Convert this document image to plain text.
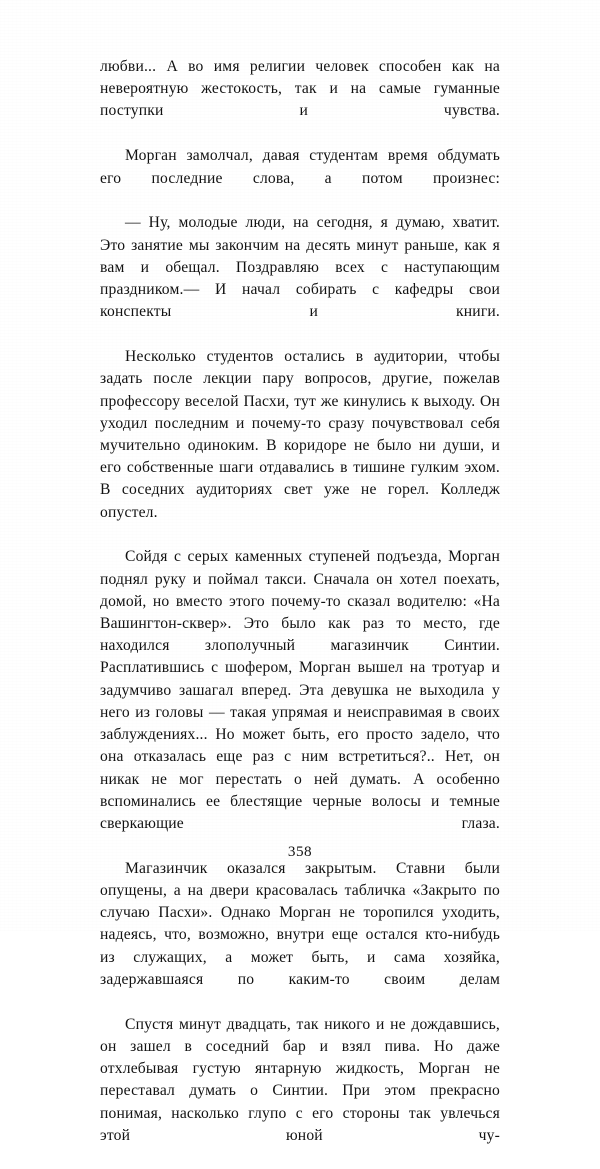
любви... А во имя религии человек способен как на невероятную жестокость, так и на самые гуманные поступки и чувства.

Морган замолчал, давая студентам время обдумать его последние слова, а потом произнес:

— Ну, молодые люди, на сегодня, я думаю, хватит. Это занятие мы закончим на десять минут раньше, как я вам и обещал. Поздравляю всех с наступающим праздником.— И начал собирать с кафедры свои конспекты и книги.

Несколько студентов остались в аудитории, чтобы задать после лекции пару вопросов, другие, пожелав профессору веселой Пасхи, тут же кинулись к выходу. Он уходил последним и почему-то сразу почувствовал себя мучительно одиноким. В коридоре не было ни души, и его собственные шаги отдавались в тишине гулким эхом. В соседних аудиториях свет уже не горел. Колледж опустел.

Сойдя с серых каменных ступеней подъезда, Морган поднял руку и поймал такси. Сначала он хотел поехать, домой, но вместо этого почему-то сказал водителю: «На Вашингтон-сквер». Это было как раз то место, где находился злополучный магазинчик Синтии. Расплатившись с шофером, Морган вышел на тротуар и задумчиво зашагал вперед. Эта девушка не выходила у него из головы — такая упрямая и неисправимая в своих заблуждениях... Но может быть, его просто задело, что она отказалась еще раз с ним встретиться?.. Нет, он никак не мог перестать о ней думать. А особенно вспоминались ее блестящие черные волосы и темные сверкающие глаза.

Магазинчик оказался закрытым. Ставни были опущены, а на двери красовалась табличка «Закрыто по случаю Пасхи». Однако Морган не торопился уходить, надеясь, что, возможно, внутри еще остался кто-нибудь из служащих, а может быть, и сама хозяйка, задержавшаяся по каким-то своим делам

Спустя минут двадцать, так никого и не дождавшись, он зашел в соседний бар и взял пива. Но даже отхлебывая густую янтарную жидкость, Морган не переставал думать о Синтии. При этом прекрасно понимая, насколько глупо с его стороны так увлечься этой юной чу-

358
